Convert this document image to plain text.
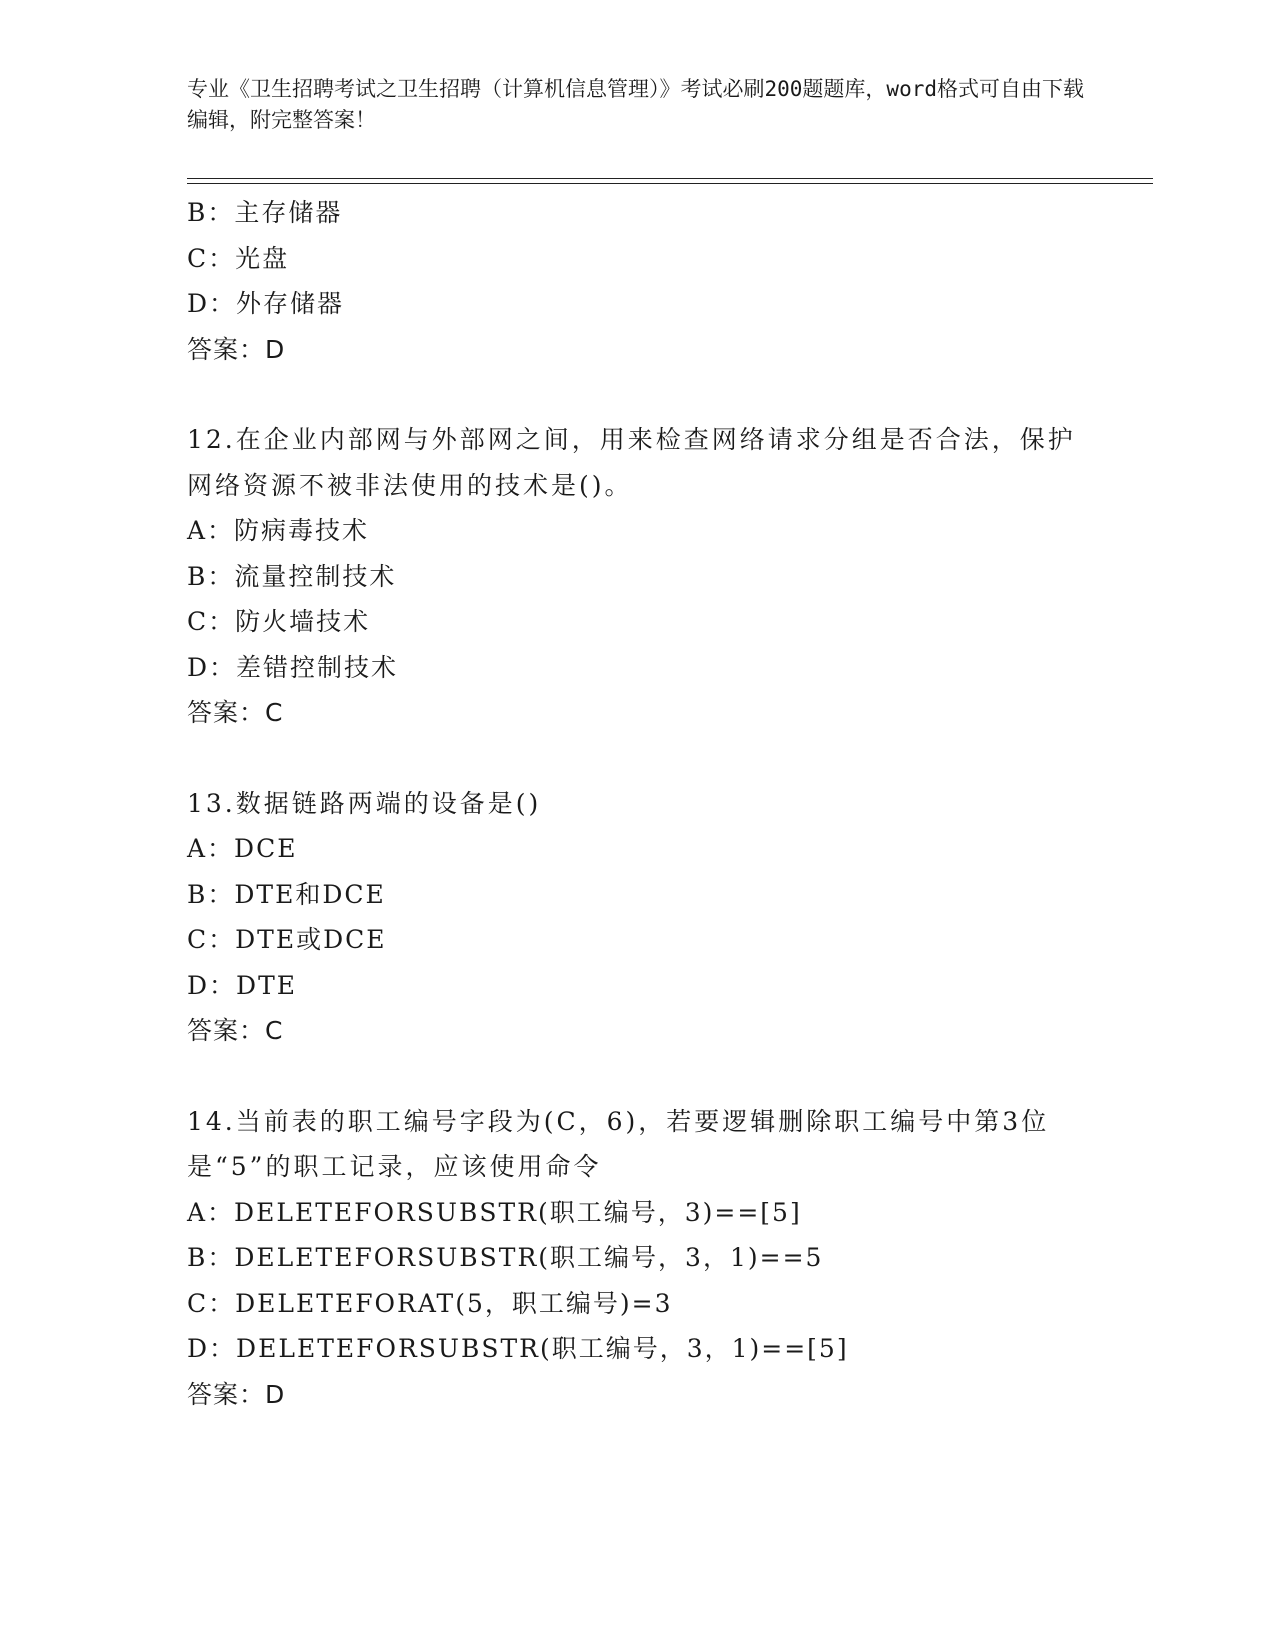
专业《卫生招聘考试之卫生招聘（计算机信息管理）》考试必刷200题题库，word格式可自由下载编辑，附完整答案！
B：主存储器
C：光盘
D：外存储器
答案：D
12.在企业内部网与外部网之间，用来检查网络请求分组是否合法，保护网络资源不被非法使用的技术是()。
A：防病毒技术
B：流量控制技术
C：防火墙技术
D：差错控制技术
答案：C
13.数据链路两端的设备是()
A：DCE
B：DTE和DCE
C：DTE或DCE
D：DTE
答案：C
14.当前表的职工编号字段为(C，6)，若要逻辑删除职工编号中第3位是“5”的职工记录，应该使用命令
A：DELETEFORSUBSTR(职工编号，3)==[5]
B：DELETEFORSUBSTR(职工编号，3，1)==5
C：DELETEFORAT(5，职工编号)=3
D：DELETEFORSUBSTR(职工编号，3，1)==[5]
答案：D
